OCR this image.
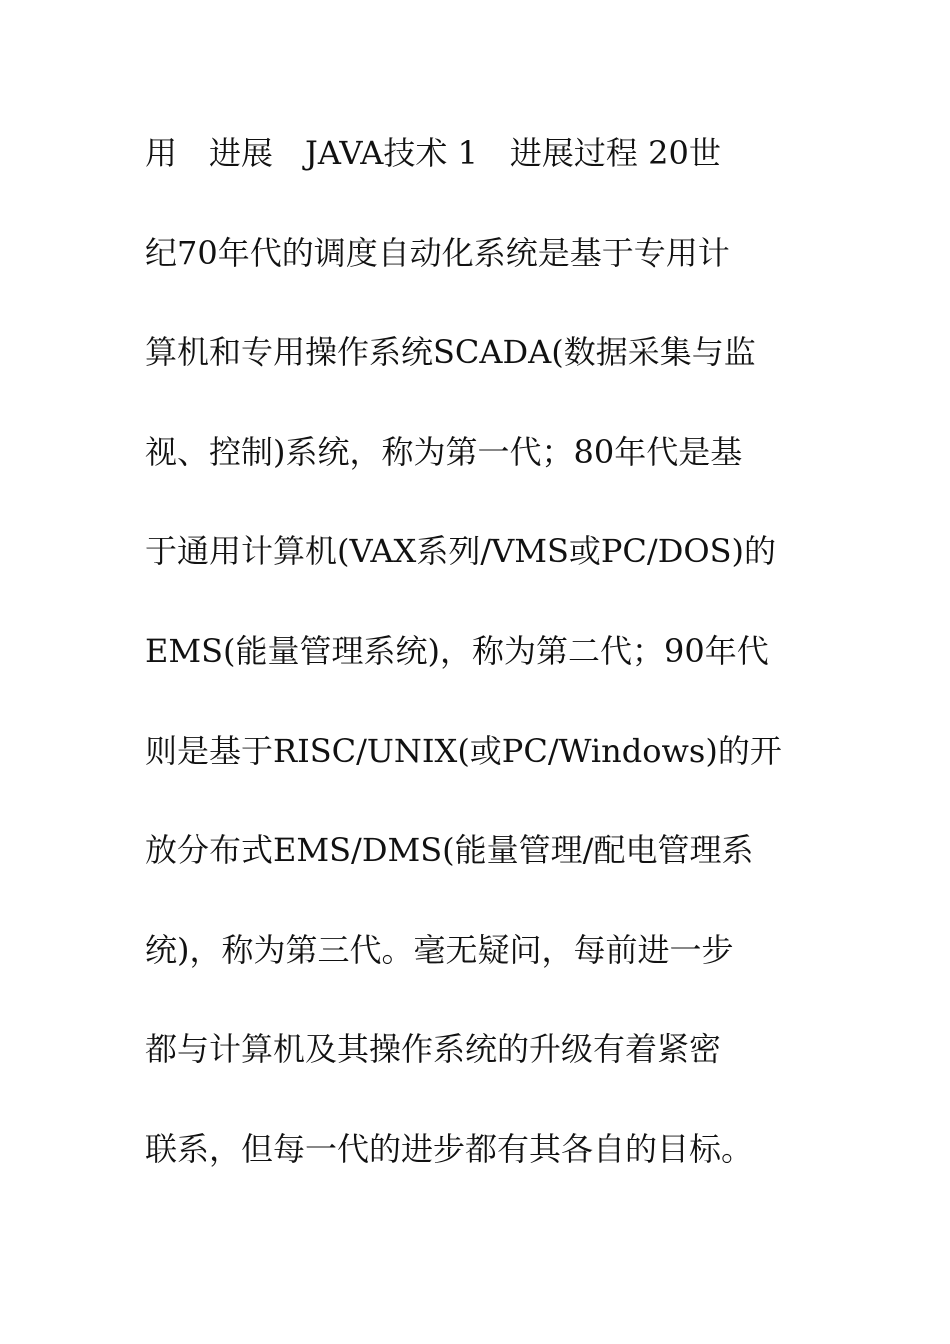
用　进展　JAVA技术 1　进展过程 20世
纪70年代的调度自动化系统是基于专用计
算机和专用操作系统SCADA(数据采集与监
视、控制)系统，称为第一代；80年代是基
于通用计算机(VAX系列/VMS或PC/DOS)的
EMS(能量管理系统)，称为第二代；90年代
则是基于RISC/UNIX(或PC/Windows)的开
放分布式EMS/DMS(能量管理/配电管理系
统)，称为第三代。毫无疑问，每前进一步
都与计算机及其操作系统的升级有着紧密
联系，但每一代的进步都有其各自的目标。
